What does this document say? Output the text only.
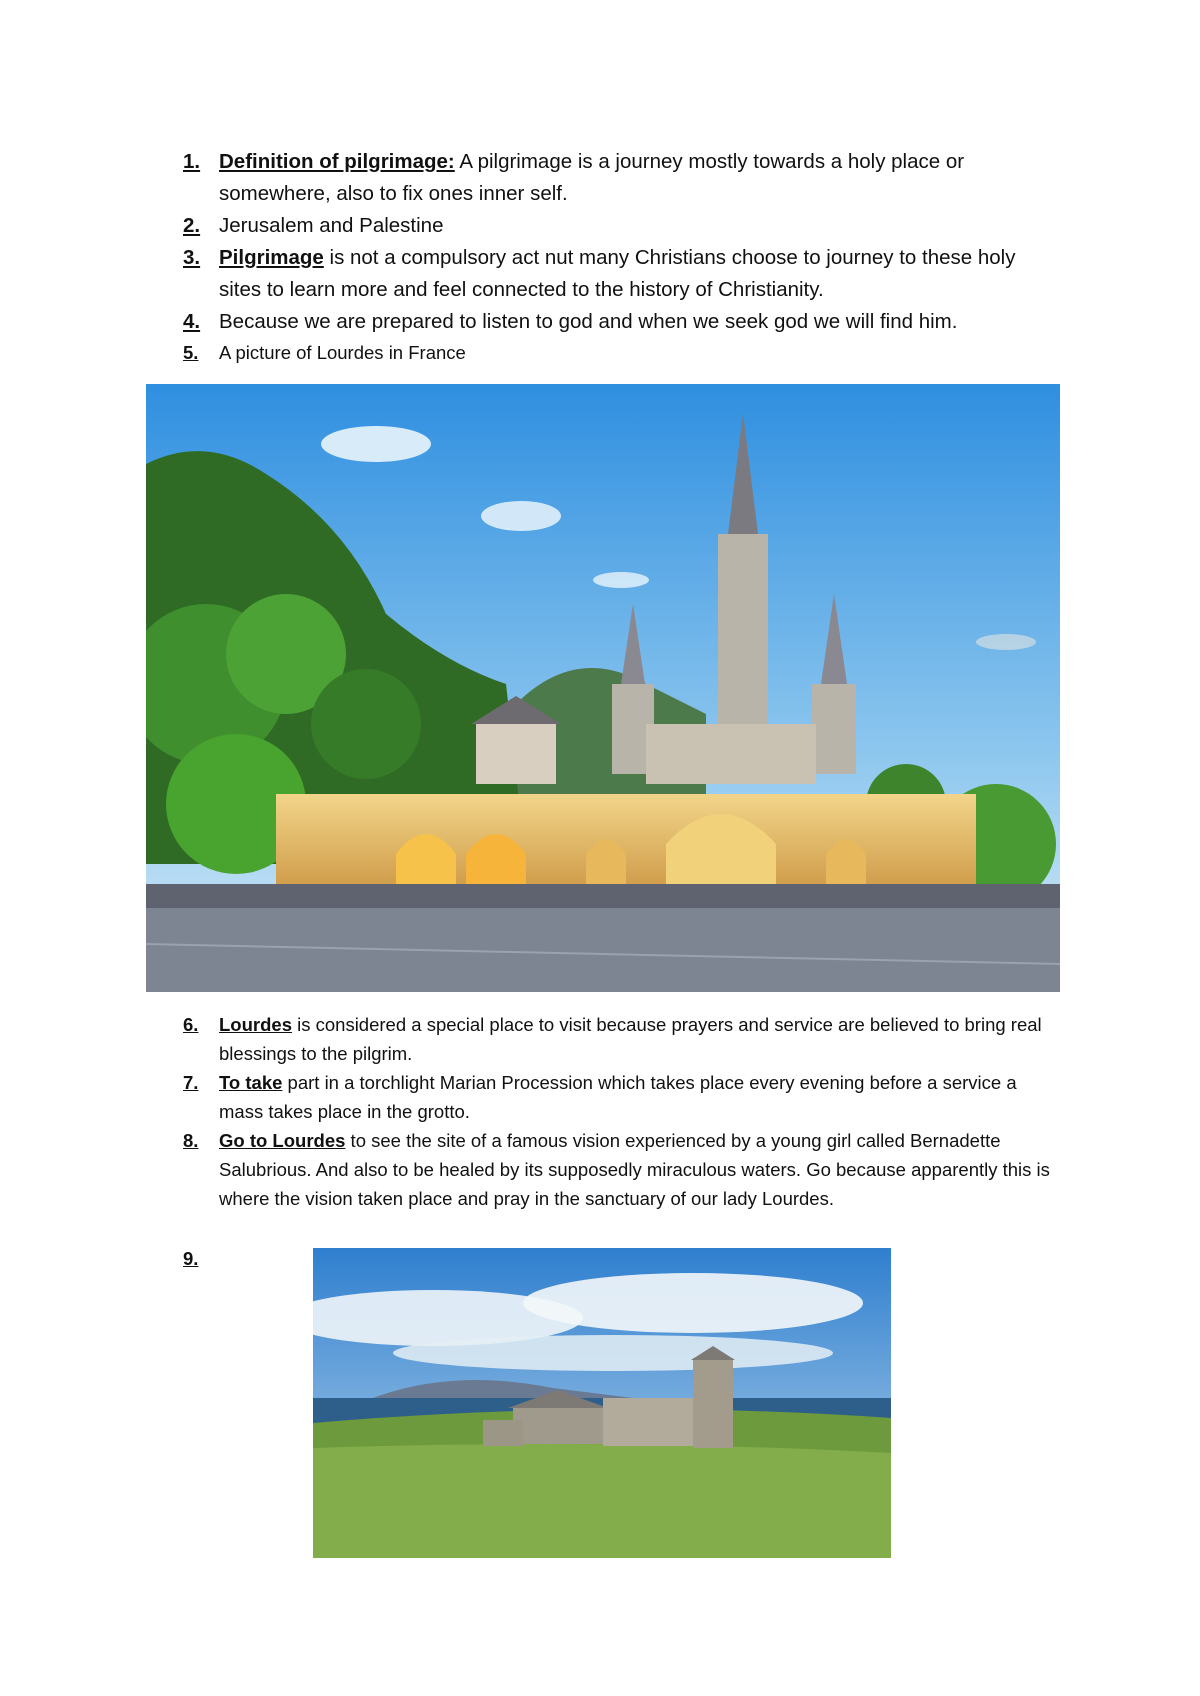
1. Definition of pilgrimage: A pilgrimage is a journey mostly towards a holy place or somewhere, also to fix ones inner self.
2. Jerusalem and Palestine
3. Pilgrimage is not a compulsory act nut many Christians choose to journey to these holy sites to learn more and feel connected to the history of Christianity.
4. Because we are prepared to listen to god and when we seek god we will find him.
5.	A picture of Lourdes in France
6.	Lourdes is considered a special place to visit because prayers and service are believed to bring real blessings to the pilgrim.
7.	To take part in a torchlight Marian Procession which takes place every evening before a service a mass takes place in the grotto.
8.	Go to Lourdes to see the site of a famous vision experienced by a young girl called Bernadette Salubrious. And also to be healed by its supposedly miraculous waters. Go because apparently this is where the vision taken place and pray in the sanctuary of our lady Lourdes.
9.
